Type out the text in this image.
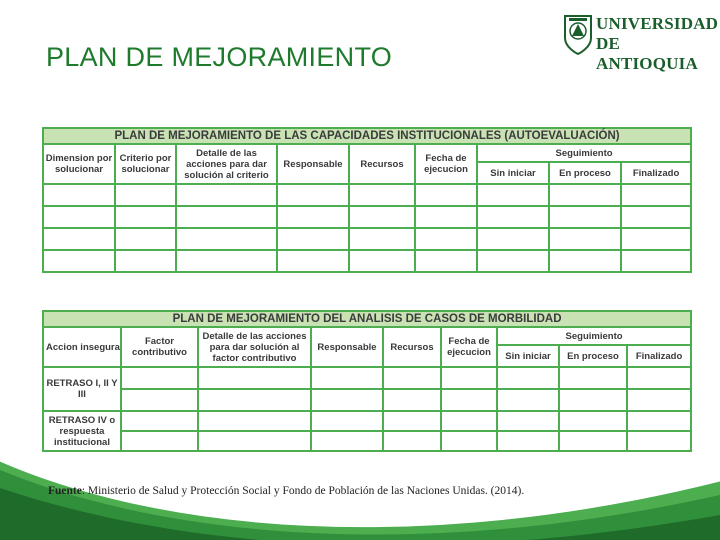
PLAN DE MEJORAMIENTO
UNIVERSIDAD
DE ANTIOQUIA
PLAN DE MEJORAMIENTO DE LAS CAPACIDADES INSTITUCIONALES (AUTOEVALUACIÓN)								
Dimension por solucionar	Criterio por solucionar	Detalle de las acciones para dar solución al criterio	Responsable	Recursos	Fecha de ejecucion	Seguimiento		
						Sin iniciar	En proceso	Finalizado

PLAN DE MEJORAMIENTO DEL ANALISIS DE CASOS DE MORBILIDAD								
Accion insegura	Factor contributivo	Detalle de las acciones para dar solución al factor contributivo	Responsable	Recursos	Fecha de ejecucion	Seguimiento		
						Sin iniciar	En proceso	Finalizado
RETRASO I, II Y III								

RETRASO IV o respuesta institucional								

Fuente: Ministerio de Salud y Protección Social y Fondo de Población de las Naciones Unidas. (2014).
